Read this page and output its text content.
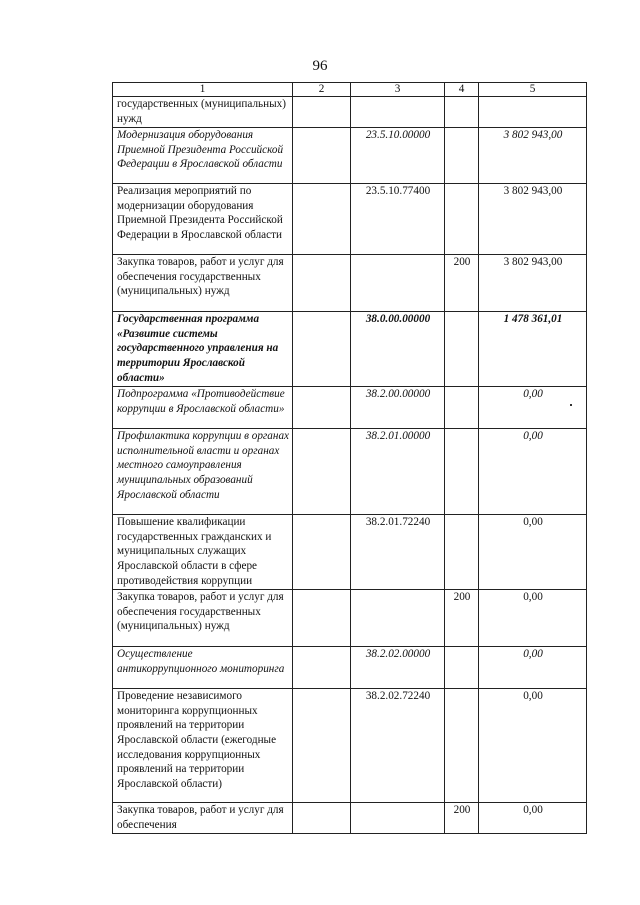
96
1	2	3	4	5
государственных (муниципальных) нужд				
Модернизация оборудования Приемной Президента Российской Федерации в Ярославской области		23.5.10.00000		3 802 943,00
Реализация мероприятий по модернизации оборудования Приемной Президента Российской Федерации в Ярославской области		23.5.10.77400		3 802 943,00
Закупка товаров, работ и услуг для обеспечения государственных (муниципальных) нужд			200	3 802 943,00
Государственная программа «Развитие системы государственного управления на территории Ярославской области»		38.0.00.00000		1 478 361,01
Подпрограмма «Противодействие коррупции в Ярославской области»		38.2.00.00000		0,00
Профилактика коррупции в органах исполнительной власти и органах местного самоуправления муниципальных образований Ярославской области		38.2.01.00000		0,00
Повышение квалификации государственных гражданских и муниципальных служащих Ярославской области в сфере противодействия коррупции		38.2.01.72240		0,00
Закупка товаров, работ и услуг для обеспечения государственных (муниципальных) нужд			200	0,00
Осуществление антикоррупционного мониторинга		38.2.02.00000		0,00
Проведение независимого мониторинга коррупционных проявлений на территории Ярославской области (ежегодные исследования коррупционных проявлений на территории Ярославской области)		38.2.02.72240		0,00
Закупка товаров, работ и услуг для обеспечения			200	0,00
